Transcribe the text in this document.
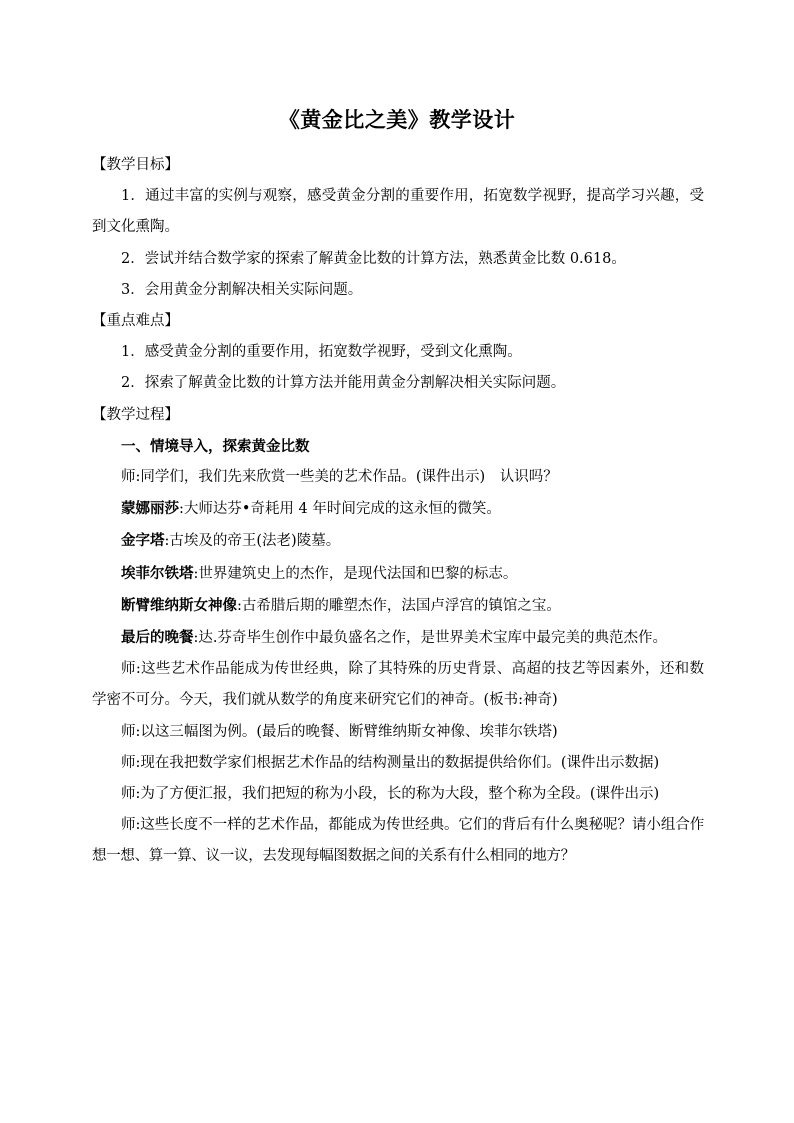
《黄金比之美》教学设计

【教学目标】

1．通过丰富的实例与观察，感受黄金分割的重要作用，拓宽数学视野，提高学习兴趣，受到文化熏陶。

2．尝试并结合数学家的探索了解黄金比数的计算方法，熟悉黄金比数 0.618。

3．会用黄金分割解决相关实际问题。

【重点难点】

1．感受黄金分割的重要作用，拓宽数学视野，受到文化熏陶。

2．探索了解黄金比数的计算方法并能用黄金分割解决相关实际问题。

【教学过程】

一、情境导入，探索黄金比数

师:同学们，我们先来欣赏一些美的艺术作品。(课件出示)　认识吗？

蒙娜丽莎:大师达芬•奇耗用 4 年时间完成的这永恒的微笑。

金字塔:古埃及的帝王(法老)陵墓。

埃菲尔铁塔:世界建筑史上的杰作，是现代法国和巴黎的标志。

断臂维纳斯女神像:古希腊后期的雕塑杰作，法国卢浮宫的镇馆之宝。

最后的晚餐:达.芬奇毕生创作中最负盛名之作，是世界美术宝库中最完美的典范杰作。

师:这些艺术作品能成为传世经典，除了其特殊的历史背景、高超的技艺等因素外，还和数学密不可分。今天，我们就从数学的角度来研究它们的神奇。(板书:神奇)

师:以这三幅图为例。(最后的晚餐、断臂维纳斯女神像、埃菲尔铁塔)

师:现在我把数学家们根据艺术作品的结构测量出的数据提供给你们。(课件出示数据)

师:为了方便汇报，我们把短的称为小段，长的称为大段，整个称为全段。(课件出示)

师:这些长度不一样的艺术作品，都能成为传世经典。它们的背后有什么奥秘呢？请小组合作想一想、算一算、议一议，去发现每幅图数据之间的关系有什么相同的地方？
